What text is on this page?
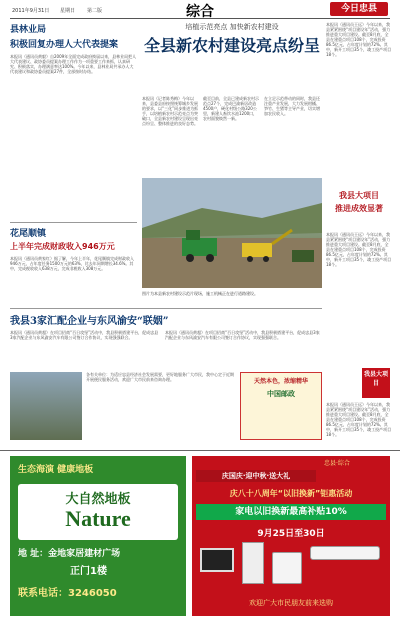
2011年9月31日 星期日 第二版	综合	今日忠县
县林业局
积极回复办理人大代表提案
本报讯（通讯员黄毅）自2009年全面完成政府换届以来，县林业局把人大代表建议、政协委员提案办理工作作为一项重要工作来抓，认真研究、积极落实，办理满意率达100%。今年以来，县林业局共承办人大代表建议和政协委员提案27件，全部按时办结。
花尾顺镇
上半年完成财政收入946万元
本报讯（通讯员黄家红）据了解，今年上半年，花尾顺镇完成财政收入946万元，占年度任务1500万元的63%，比去年同期增长34.6%。其中，完成税收收入638万元，完成非税收入308万元。
培植示范亮点 加快新农村建设
全县新农村建设亮点纷呈
本报讯（记者陈秀梅）今年以来，县委县府按照统筹城乡发展的要求，以“三化”同步推进为抓手，以培植新农村示范亮点为突破口，全县新农村建设呈现出亮点纷呈、整体推进的良好态势。
截至目前，全县已建成新农村示范点27个，完成巴渝新居改造4500户，硬化村级公路320公里，新建人畜饮水池1200口，农村面貌焕然一新。
在立足示范带动的同时，我县还注重产业发展，大力发展柑橘、笋竹、生猪等主导产业，切实增加农民收入。
图片为本县新农村建设示范片现场，施工机械正在进行道路建设。
本报讯（通讯员王远）今年以来，我县紧紧围绕“项目建设年”活动，强力推进重大项目建设。截至8月底，全县在建重点项目108个，完成投资86.5亿元，占年度计划的72%。其中，新开工项目35个，竣工投产项目18个。
我县大项目
推进成效显著
本报讯（通讯员王远）今年以来，我县紧紧围绕“项目建设年”活动，强力推进重大项目建设。截至8月底，全县在建重点项目108个，完成投资86.5亿元，占年度计划的72%。其中，新开工项目35个，竣工投产项目18个。
我县大项目
我县3家汇配企业与东风渝安“联姻”
本报讯（通讯员黄超）在项目招商“百日攻坚”活动中，我县积极搭建平台，促成忠县3家汽配企业与东风渝安汽车有限公司签订合作协议，实现强强联合。
本报讯（通讯员黄超）在项目招商“百日攻坚”活动中，我县积极搭建平台，促成忠县3家汽配企业与东风渝安汽车有限公司签订合作协议，实现强强联合。
各有关单位：为适应忠县经济社会发展需要，更好地服务广大市民，我中心定于近期开展便民服务活动，欢迎广大市民前来咨询办理。	天然本色，浓缩精华
中国邮政
本报讯（通讯员王远）今年以来，我县紧紧围绕“项目建设年”活动，强力推进重大项目建设。截至8月底，全县在建重点项目108个，完成投资86.5亿元，占年度计划的72%。其中，新开工项目35个，竣工投产项目18个。
生态海演 健康地板
大自然地板
Nature
地 址：金地家居建材广场
正门1楼
联系电话：3246050
忠县·综合
庆国庆·迎中秋·送大礼
庆八十八周年“以旧换新”钜惠活动
家电以旧换新最高补贴10%
9月25日至30日
欢迎广大市民朋友前来选购
